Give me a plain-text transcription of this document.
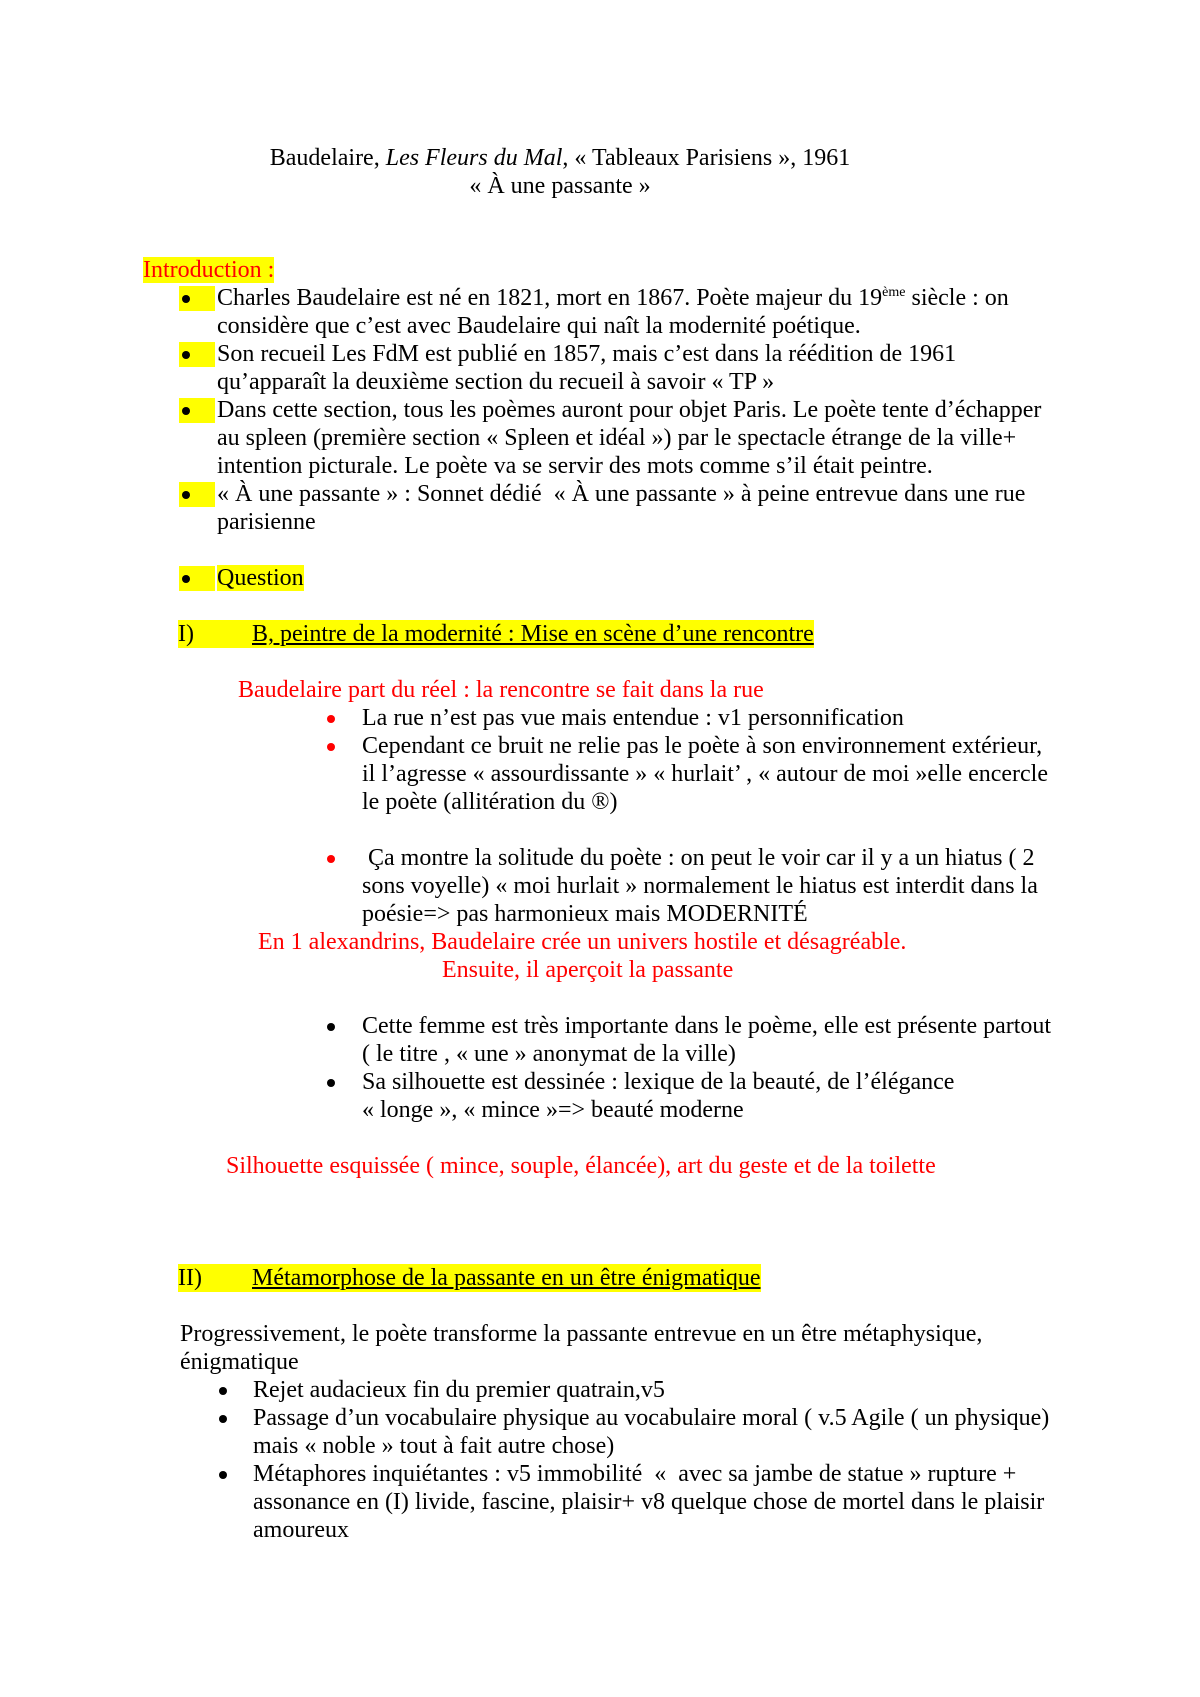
Baudelaire, Les Fleurs du Mal, « Tableaux Parisiens », 1961
« À une passante »
Introduction :
Charles Baudelaire est né en 1821, mort en 1867. Poète majeur du 19ème siècle : on
considère que c’est avec Baudelaire qui naît la modernité poétique.
Son recueil Les FdM est publié en 1857, mais c’est dans la réédition de 1961
qu’apparaît la deuxième section du recueil à savoir « TP »
Dans cette section, tous les poèmes auront pour objet Paris. Le poète tente d’échapper
au spleen (première section « Spleen et idéal ») par le spectacle étrange de la ville+
intention picturale. Le poète va se servir des mots comme s’il était peintre.
« À une passante » : Sonnet dédié  « À une passante » à peine entrevue dans une rue
parisienne
Question
I) B, peintre de la modernité : Mise en scène d’une rencontre
Baudelaire part du réel : la rencontre se fait dans la rue
La rue n’est pas vue mais entendue : v1 personnification
Cependant ce bruit ne relie pas le poète à son environnement extérieur,
il l’agresse « assourdissante » « hurlait’ , « autour de moi »elle encercle
le poète (allitération du ®)
Ça montre la solitude du poète : on peut le voir car il y a un hiatus ( 2
sons voyelle) « moi hurlait » normalement le hiatus est interdit dans la
poésie=> pas harmonieux mais MODERNITÉ
En 1 alexandrins, Baudelaire crée un univers hostile et désagréable.
Ensuite, il aperçoit la passante
Cette femme est très importante dans le poème, elle est présente partout
( le titre , « une » anonymat de la ville)
Sa silhouette est dessinée : lexique de la beauté, de l’élégance
« longe », « mince »=> beauté moderne
Silhouette esquissée ( mince, souple, élancée), art du geste et de la toilette
II) Métamorphose de la passante en un être énigmatique
Progressivement, le poète transforme la passante entrevue en un être métaphysique,
énigmatique
Rejet audacieux fin du premier quatrain,v5
Passage d’un vocabulaire physique au vocabulaire moral ( v.5 Agile ( un physique)
mais « noble » tout à fait autre chose)
Métaphores inquiétantes : v5 immobilité  «  avec sa jambe de statue » rupture +
assonance en (I) livide, fascine, plaisir+ v8 quelque chose de mortel dans le plaisir
amoureux
